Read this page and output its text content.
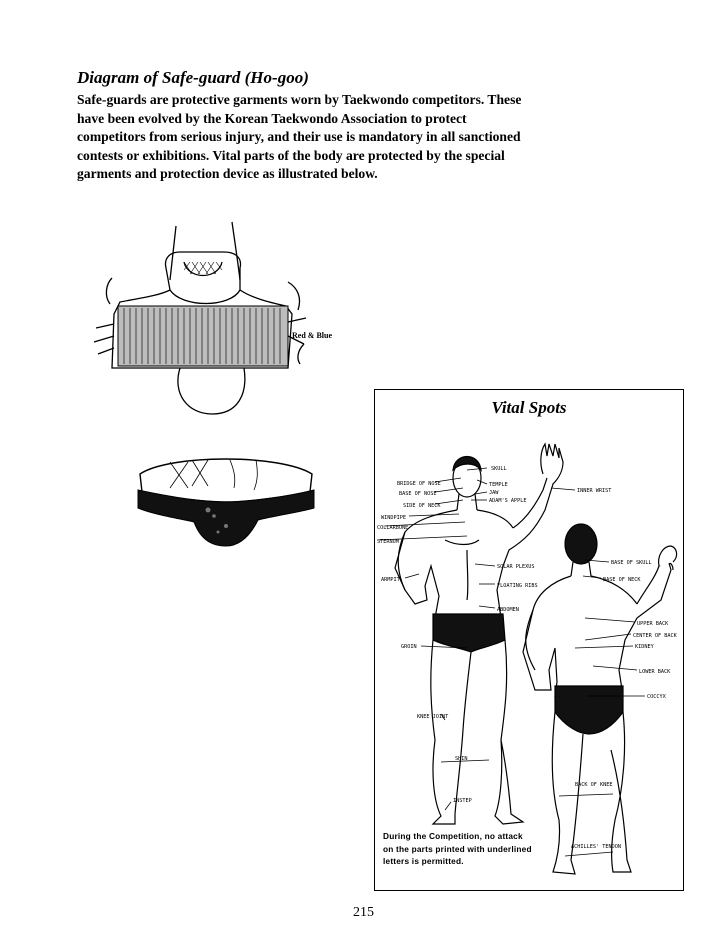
Diagram of Safe-guard (Ho-goo)

Safe-guards are protective garments worn by Taekwondo competitors. These have been evolved by the Korean Taekwondo Association to protect competitors from serious injury, and their use is mandatory in all sanctioned contests or exhibitions. Vital parts of the body are protected by the special garments and protection device as illustrated below.

Red & Blue
Vital Spots
SKULL
BRIDGE OF NOSE	TEMPLE
BASE OF NOSE	JAW
SIDE OF NECK
ADAM'S APPLE
WINDPIPE
COLLARBONE
STERNUM
INNER WRIST
SOLAR PLEXUS
ARMPIT
FLOATING RIBS
ABDOMEN
GROIN
KNEE JOINT
SHIN
INSTEP
BASE OF SKULL
BASE OF NECK
UPPER BACK
CENTER OF BACK
KIDNEY
LOWER BACK
COCCYX
BACK OF KNEE
ACHILLES' TENDON

During the Competition, no attack on the parts printed with underlined letters is permitted.

215
